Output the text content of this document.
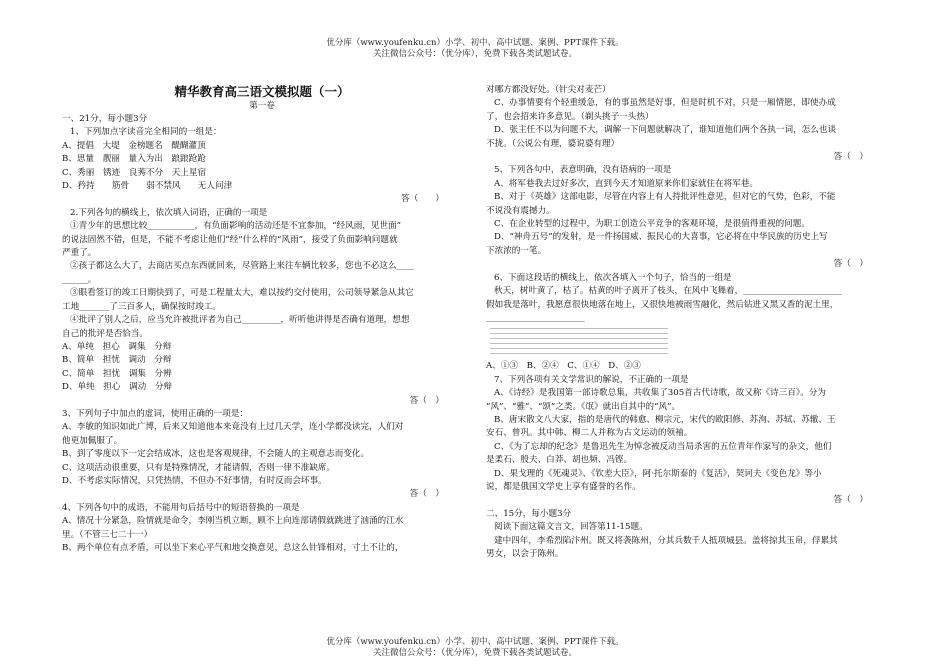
优分库（www.youfenku.cn）小学、初中、高中试题、案例、PPT课件下载。
关注微信公众号：（优分库），免费下载各类试题试卷。
精华教育高三语文模拟题（一）
第一卷
一、21分，每小题3分
1、下列加点字读音完全相同的一组是：
A、提倡　大堤　金榜题名　醍醐灌顶
B、思量　靓丽　量入为出　踉踉跄跄
C、秀丽　锈迹　良莠不分　天上星宿
D、矜持　　筋骨　　弱不禁风　　无人问津
答（　　）
2.下列各句的横线上，依次填入词语，正确的一项是
①青少年的思想比较___________，有负面影响的活动还是不宜参加，“经风雨，见世面”
的说法固然不错，但是，不能不考虑让他们“经”什么样的“风雨”，接受了负面影响问题就
严重了。
②孩子都这么大了，去商店买点东西就回来，尽管路上来往车辆比较多，您也不必这么____
______。
③眼看签订的竣工日期快到了，可是工程量太大，难以按约交付使用，公司领导紧急从其它
工地_______了三百多人，确保按时竣工。
④批评了别人之后，应当允许被批评者为自己_________，听听他讲得是否确有道理，想想
自己的批评是否恰当。
A、单纯　担心　调集　分辩
B、简单　担忧　调动　分辩
C、简单　担忧　调集　分辨
D、单纯　担心　调动　分辩
答（　）
3、下列句子中加点的虚词，使用正确的一项是：
A、李敏的知识如此广博，后来又知道他本来竟没有上过几天学，连小学都没读完，人们对
他更加佩服了。
B、到了零度以下一定会结成冰，这也是客观规律，不会随人的主观意志而变化。
C、这项活动很重要，只有是特殊情况，才能请假，否则一律不准缺席。
D、不考虑实际情况，只凭热情，不但办不好事情，有时反而会坏事。
答（　）
4、下列各句中的成语，不能用句后括号中的短语替换的一项是
A、情况十分紧急，险情就是命令，李刚当机立断，顾不上向连部请假就跳进了汹涌的江水
里。（不管三七二十一）
B、两个单位有点矛盾，可以坐下来心平气和地交换意见，总这么针锋相对，寸土不让的，
对哪方都没好处。（针尖对麦芒）
C、办事情要有个轻重缓急，有的事虽然是好事，但是时机不对，只是一厢情愿，即使办成
了，也会招来许多意见。（剃头挑子一头热）
D、张主任不以为问题不大，调解一下问题就解决了，谁知道他们两个各执一词，怎么也谈
不拢。（公说公有理，婆说婆有理）
答（　）
5、下列各句中，表意明确，没有语病的一项是
A、将军巷我去过好多次，直到今天才知道原来你们家就住在将军巷。
B、对于《英雄》这部电影，尽管在内容上有人持批评性意见，但对它的气势，色彩，不能
不说没有震撼力。
C、在企业转型的过程中，为职工创造公平竞争的客观环境，是很值得重视的问题。
D、“神舟五号”的发射，是一件扬国威、振民心的大喜事，它必将在中华民族的历史上写
下浓浓的一笔。
答（　）
6、下面这段话的横线上，依次各填入一个句子，恰当的一组是
秋天，树叶黄了，枯了。枯黄的叶子离开了枝头，在风中飞舞着，_______________________
假如我是落叶，我愿意很快地落在地上，又很快地被雨雪融化，然后钻进又黑又香的泥土里，
_______________________
A、①③　B、②④　C、①④　D、②③
7、下列各项有关文学常识的解说，不正确的一项是
A、《诗经》是我国第一部诗歌总集，共收集了305首古代诗歌，故又称《诗三百》。分为
“风”、“雅”、“颂”之类。《氓》就出自其中的“风”。
B、唐宋散文八大家，指的是唐代的韩愈、柳宗元，宋代的欧阳修、苏洵、苏轼、苏辙、王
安石、曾巩。其中韩、柳二人并称为古文运动的领袖。
C、《为了忘却的纪念》是鲁迅先生为悼念被反动当局杀害的五位青年作家写的杂文，他们
是柔石、殷夫、白莽、胡也频、冯铿。
D、果戈理的《死魂灵》、《钦差大臣》，阿·托尔斯泰的《复活》，契诃夫《变色龙》等小
说，都是俄国文学史上享有盛誉的名作。
答（　）
二、15分，每小题3分
阅读下面这篇文言文，回答第11-15题。
建中四年，李希烈陷汴州。既又将袭陈州，分其兵数千人抵项城县。盖将掠其玉帛，俘累其
男女，以会于陈州。
优分库（www.youfenku.cn）小学、初中、高中试题、案例、PPT课件下载。
关注微信公众号：（优分库），免费下载各类试题试卷。
